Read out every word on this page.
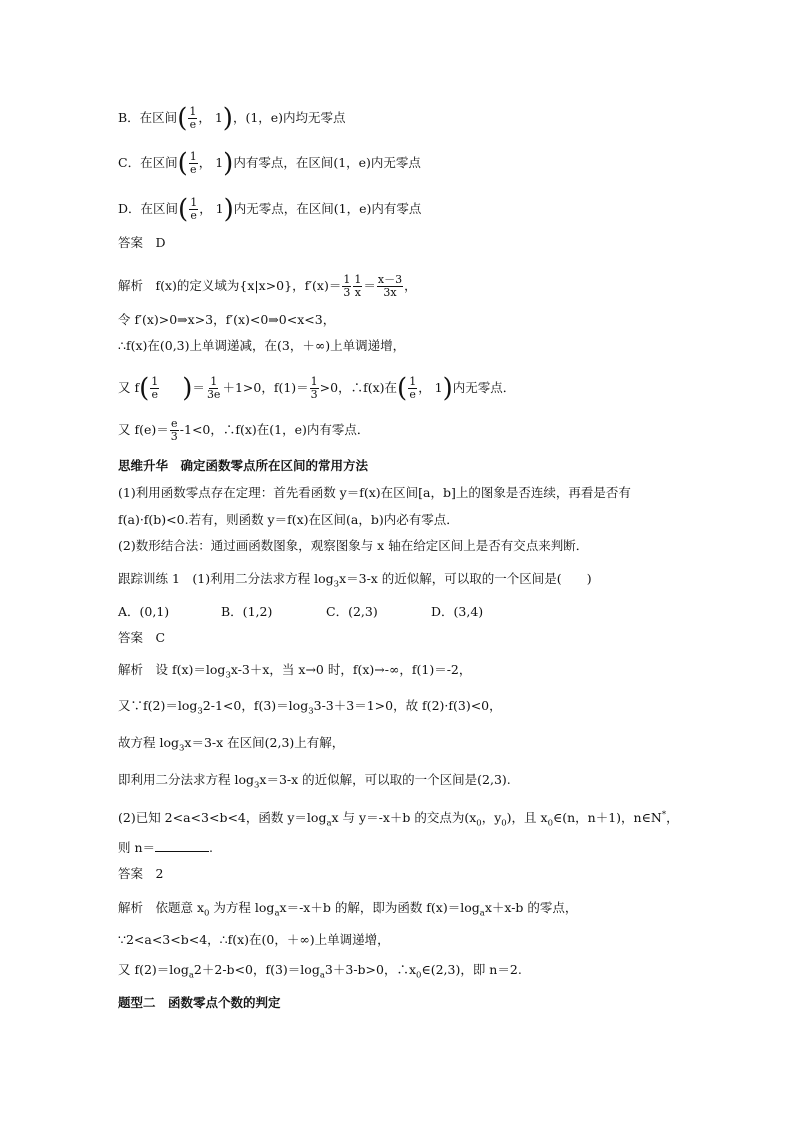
B．在区间( $\frac{1}{e}$ ， 1)，(1，e)内均无零点
C．在区间( $\frac{1}{e}$ ， 1)内有零点，在区间(1，e)内无零点
D．在区间( $\frac{1}{e}$ ， 1)内无零点，在区间(1，e)内有零点
答案　D
解析　f(x)的定义域为{x|x>0}，$f'(x)= \frac{1}{3} \frac{1}{x} = \frac{x-3}{3x}$ ，
令 f′(x)>0⇒x>3，f′(x)<0⇒0<x<3，
∴f(x)在(0,3)上单调递减，在(3，＋∞)上单调递增，
又 $f( \frac{1}{e}$ )＝ $\frac{1}{3e} +1>0$，$f(1)= \frac{1}{3} >0$，∴f(x)在( $\frac{1}{e}$ ， 1)内无零点．
又 $f(e)= \frac{e}{3} -1<0$，∴f(x)在(1，e)内有零点．
思维升华　确定函数零点所在区间的常用方法
(1)利用函数零点存在定理：首先看函数 y＝f(x)在区间[a，b]上的图象是否连续，再看是否有
f(a)·f(b)<0.若有，则函数 y＝f(x)在区间(a，b)内必有零点．
(2)数形结合法：通过画函数图象，观察图象与 x 轴在给定区间上是否有交点来判断．
跟踪训练 1　(1)利用二分法求方程 $\log_3x=3-x$ 的近似解，可以取的一个区间是(　　)
A．(0,1)	B．(1,2)	C．(2,3)	D．(3,4)
答案　C
解析　设 $f(x)=\log_3x-3+x$，当 x→0 时，f(x)→-∞，f(1)＝-2，
又$\because f(2)=\log_32-1<0$，$f(3)=\log_33-3+3=1>0$，故 f(2)·f(3)<0，
故方程 $\log_3x=3-x$ 在区间(2,3)上有解，
即利用二分法求方程 $\log_3x=3-x$ 的近似解，可以取的一个区间是(2,3).
(2)已知 2<a<3<b<4，函数 $y=\log_ax$ 与 y＝-x＋b 的交点为($x_0$，$y_0$)，且 $x_0\in(n$，n＋1)，n∈N*，
则 n＝	.
答案　2
解析　依题意 $x_0$ 为方程 $\log_ax=-x+b$ 的解，即为函数 $f(x)=\log_ax+x-b$ 的零点，
∵2<a<3<b<4，∴f(x)在(0，＋∞)上单调递增，
又 $f(2)=\log_a2+2-b<0$，$f(3)=\log_a3+3-b>0$，$\therefore x_0\in(2,3)$，即 n＝2.
题型二　函数零点个数的判定
